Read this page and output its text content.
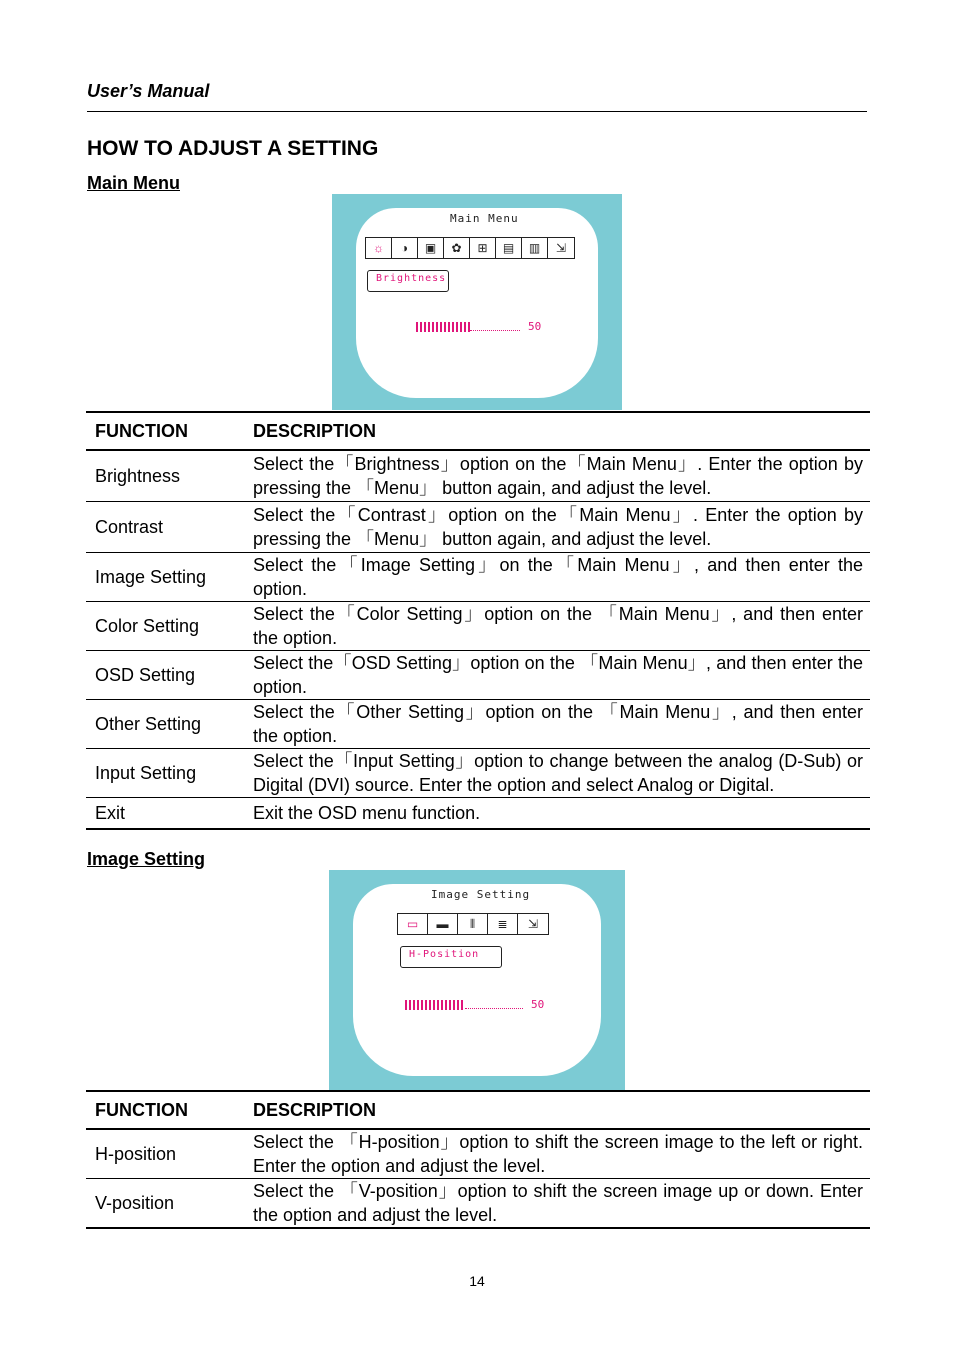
User’s Manual
HOW TO ADJUST A SETTING
Main Menu
Main Menu
☼	◑	▣	✿	⊞	▤	▥	⇲
Brightness
50
FUNCTION	DESCRIPTION
Brightness	Select the「Brightness」option on the「Main Menu」. Enter the option by pressing the 「Menu」 button again, and adjust the level.
Contrast	Select the「Contrast」option on the「Main Menu」. Enter the option by pressing the 「Menu」 button again, and adjust the level.
Image Setting	Select the「Image Setting」on the「Main Menu」, and then enter the option.
Color Setting	Select the「Color Setting」option on the 「Main Menu」, and then enter the option.
OSD Setting	Select the「OSD Setting」option on the 「Main Menu」, and then enter the option.
Other Setting	Select the「Other Setting」option on the 「Main Menu」, and then enter the option.
Input Setting	Select the「Input Setting」option to change between the analog (D-Sub) or Digital (DVI) source. Enter the option and select Analog or Digital.
Exit	Exit the OSD menu function.
Image Setting
Image Setting
▭	▬	⦀	≣	⇲
H-Position
50
FUNCTION	DESCRIPTION
H-position	Select the 「H-position」option to shift the screen image to the left or right. Enter the option and adjust the level.
V-position	Select the 「V-position」option to shift the screen image up or down. Enter the option and adjust the level.
14
